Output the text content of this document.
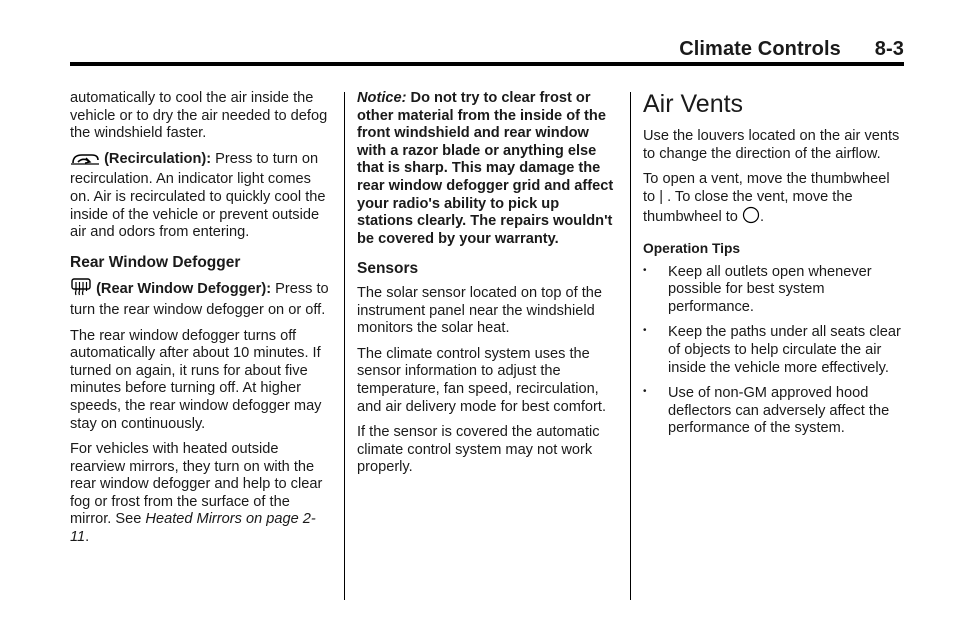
Climate Controls 8-3

automatically to cool the air inside the vehicle or to dry the air needed to defog the windshield faster.

(Recirculation): Press to turn on recirculation. An indicator light comes on. Air is recirculated to quickly cool the inside of the vehicle or prevent outside air and odors from entering.

Rear Window Defogger

(Rear Window Defogger): Press to turn the rear window defogger on or off.

The rear window defogger turns off automatically after about 10 minutes. If turned on again, it runs for about five minutes before turning off. At higher speeds, the rear window defogger may stay on continuously.

For vehicles with heated outside rearview mirrors, they turn on with the rear window defogger and help to clear fog or frost from the surface of the mirror. See Heated Mirrors on page 2-11.

Notice: Do not try to clear frost or other material from the inside of the front windshield and rear window with a razor blade or anything else that is sharp. This may damage the rear window defogger grid and affect your radio's ability to pick up stations clearly. The repairs wouldn't be covered by your warranty.

Sensors

The solar sensor located on top of the instrument panel near the windshield monitors the solar heat.

The climate control system uses the sensor information to adjust the temperature, fan speed, recirculation, and air delivery mode for best comfort.

If the sensor is covered the automatic climate control system may not work properly.

Air Vents

Use the louvers located on the air vents to change the direction of the airflow.

To open a vent, move the thumbwheel to | . To close the vent, move the thumbwheel to .

Operation Tips
• Keep all outlets open whenever possible for best system performance.
• Keep the paths under all seats clear of objects to help circulate the air inside the vehicle more effectively.
• Use of non-GM approved hood deflectors can adversely affect the performance of the system.
